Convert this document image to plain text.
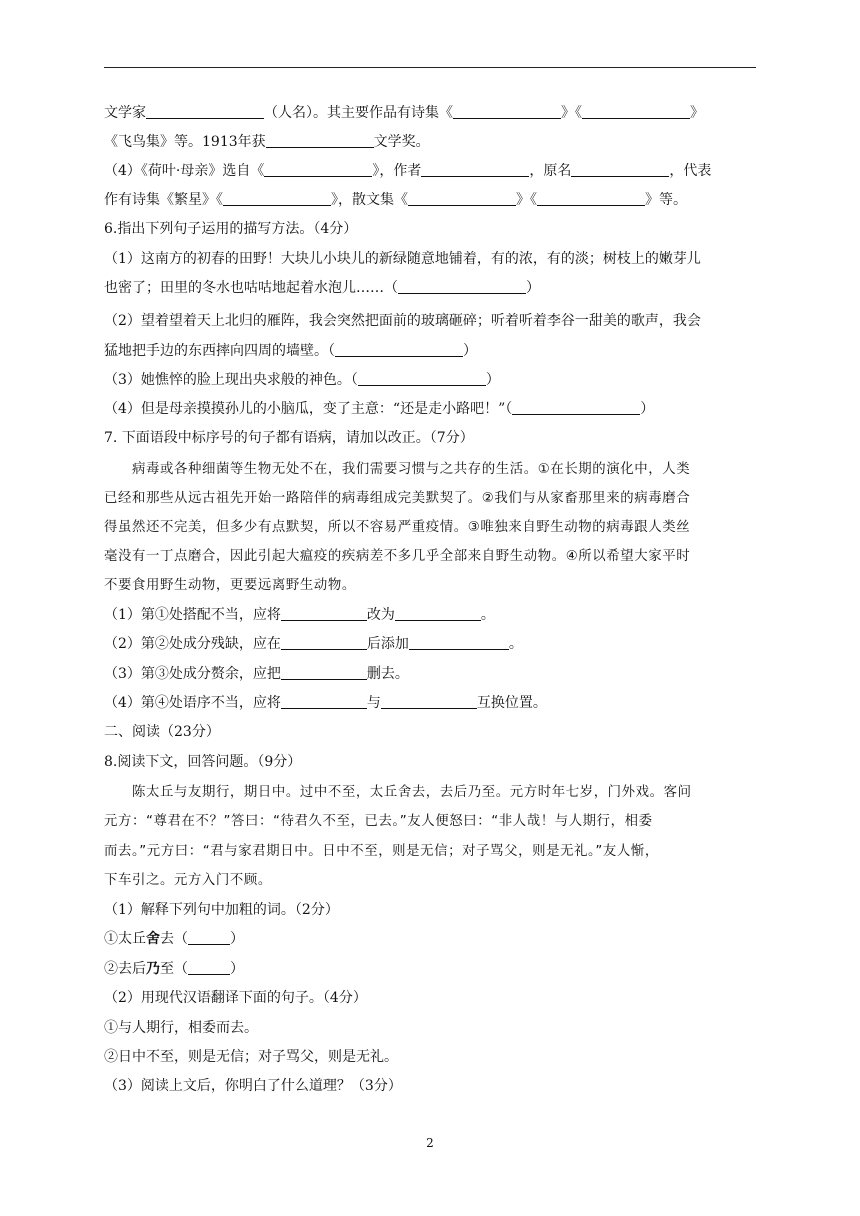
文学家	（人名）。其主要作品有诗集《	》《	》
《飞鸟集》等。1913年获	文学奖。
（4）《荷叶·母亲》选自《	》，作者	，原名	，代表
作有诗集《繁星》《	》，散文集《	》《	》等。
6.指出下列句子运用的描写方法。（4分）
（1）这南方的初春的田野！大块儿小块儿的新绿随意地铺着，有的浓，有的淡；树枝上的嫩芽儿
也密了；田里的冬水也咕咕地起着水泡儿……（	）
（2）望着望着天上北归的雁阵，我会突然把面前的玻璃砸碎；听着听着李谷一甜美的歌声，我会
猛地把手边的东西摔向四周的墙壁。（	）
（3）她憔悴的脸上现出央求般的神色。（	）
（4）但是母亲摸摸孙儿的小脑瓜，变了主意：“还是走小路吧！”（	）
7. 下面语段中标序号的句子都有语病，请加以改正。（7分）
病毒或各种细菌等生物无处不在，我们需要习惯与之共存的生活。①在长期的演化中，人类
已经和那些从远古祖先开始一路陪伴的病毒组成完美默契了。②我们与从家畜那里来的病毒磨合
得虽然还不完美，但多少有点默契，所以不容易严重疫情。③唯独来自野生动物的病毒跟人类丝
毫没有一丁点磨合，因此引起大瘟疫的疾病差不多几乎全部来自野生动物。④所以希望大家平时
不要食用野生动物，更要远离野生动物。
（1）第①处搭配不当，应将	改为	。
（2）第②处成分残缺，应在	后添加	。
（3）第③处成分赘余，应把	删去。
（4）第④处语序不当，应将	与	互换位置。
二、阅读（23分）
8.阅读下文，回答问题。（9分）
陈太丘与友期行，期日中。过中不至，太丘舍去，去后乃至。元方时年七岁，门外戏。客问
元方：“尊君在不？”答曰：“待君久不至，已去。”友人便怒曰：“非人哉！与人期行，相委
而去。”元方曰：“君与家君期日中。日中不至，则是无信；对子骂父，则是无礼。”友人惭，
下车引之。元方入门不顾。
（1）解释下列句中加粗的词。（2分）
①太丘舍去（	）
②去后乃至（	）
（2）用现代汉语翻译下面的句子。（4分）
①与人期行，相委而去。
②日中不至，则是无信；对子骂父，则是无礼。
（3）阅读上文后，你明白了什么道理？（3分）
2
